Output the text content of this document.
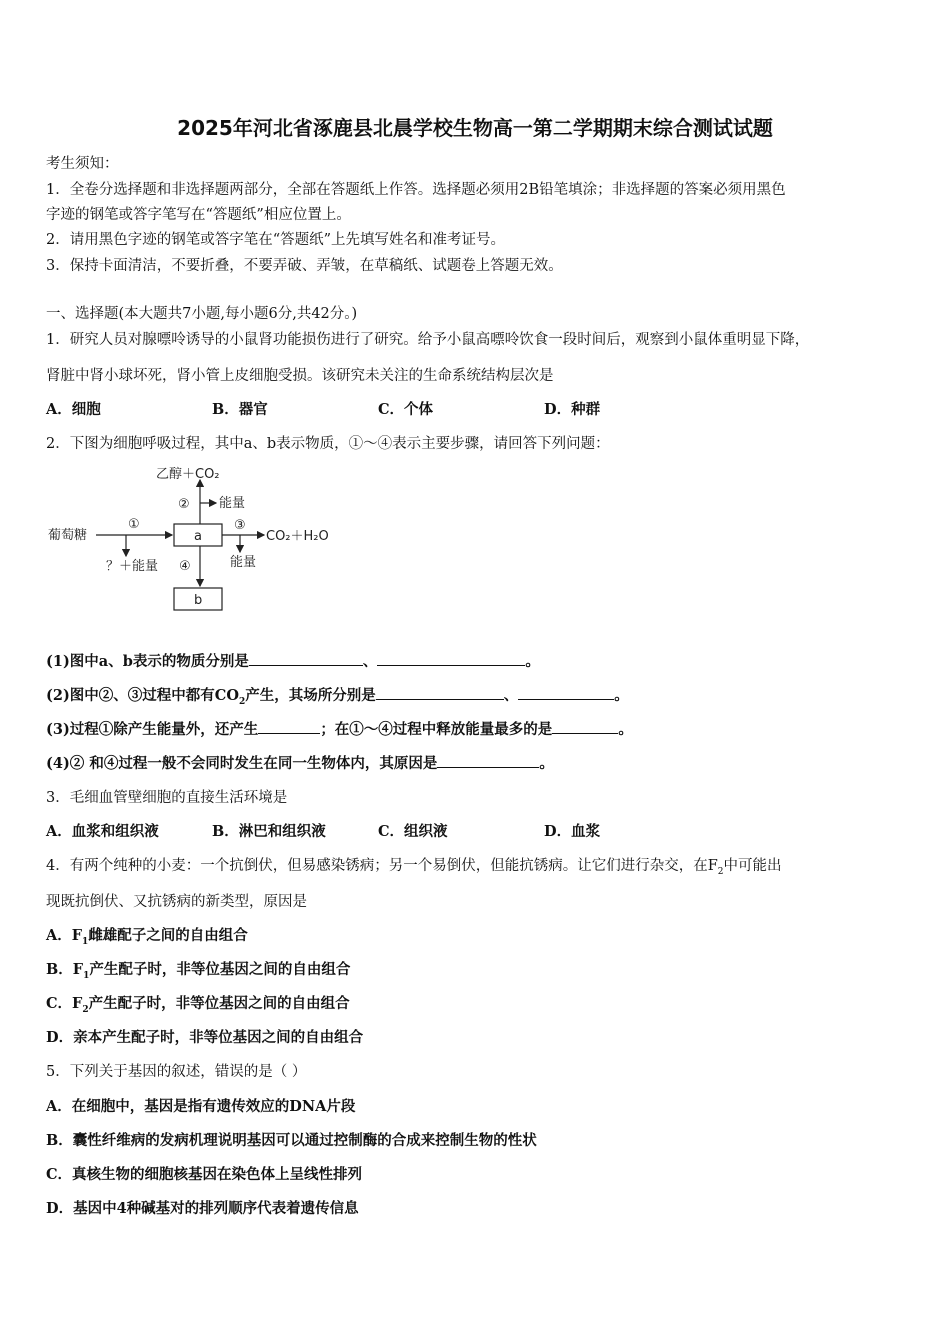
2025年河北省涿鹿县北晨学校生物高一第二学期期末综合测试试题
考生须知：
1．全卷分选择题和非选择题两部分，全部在答题纸上作答。选择题必须用2B铅笔填涂；非选择题的答案必须用黑色
字迹的钢笔或答字笔写在“答题纸”相应位置上。
2．请用黑色字迹的钢笔或答字笔在“答题纸”上先填写姓名和准考证号。
3．保持卡面清洁，不要折叠，不要弄破、弄皱，在草稿纸、试题卷上答题无效。
一、选择题(本大题共7小题,每小题6分,共42分。)
1．研究人员对腺嘌呤诱导的小鼠肾功能损伤进行了研究。给予小鼠高嘌呤饮食一段时间后，观察到小鼠体重明显下降，
肾脏中肾小球坏死，肾小管上皮细胞受损。该研究未关注的生命系统结构层次是
A．细胞	B．器官	C．个体	D．种群
2．下图为细胞呼吸过程，其中a、b表示物质，①～④表示主要步骤，请回答下列问题：
葡萄糖
①
？＋能量
a
乙醇＋CO₂
② 能量
③
CO₂＋H₂O
能量
④
b
(1)图中a、b表示的物质分别是	、	。
(2)图中②、③过程中都有$CO_2$产生，其场所分别是	、	。
(3)过程①除产生能量外，还产生	；在①～④过程中释放能量最多的是	。
(4)② 和④过程一般不会同时发生在同一生物体内，其原因是	。
3．毛细血管壁细胞的直接生活环境是
A．血浆和组织液	B．淋巴和组织液	C．组织液	D．血浆
4．有两个纯种的小麦：一个抗倒伏，但易感染锈病；另一个易倒伏，但能抗锈病。让它们进行杂交，在$F_2$中可能出
现既抗倒伏、又抗锈病的新类型，原因是
A．$F_1$雌雄配子之间的自由组合
B．$F_1$产生配子时，非等位基因之间的自由组合
C．$F_2$产生配子时，非等位基因之间的自由组合
D．亲本产生配子时，非等位基因之间的自由组合
5．下列关于基因的叙述，错误的是（ ）
A．在细胞中，基因是指有遗传效应的DNA片段
B．囊性纤维病的发病机理说明基因可以通过控制酶的合成来控制生物的性状
C．真核生物的细胞核基因在染色体上呈线性排列
D．基因中4种碱基对的排列顺序代表着遗传信息
